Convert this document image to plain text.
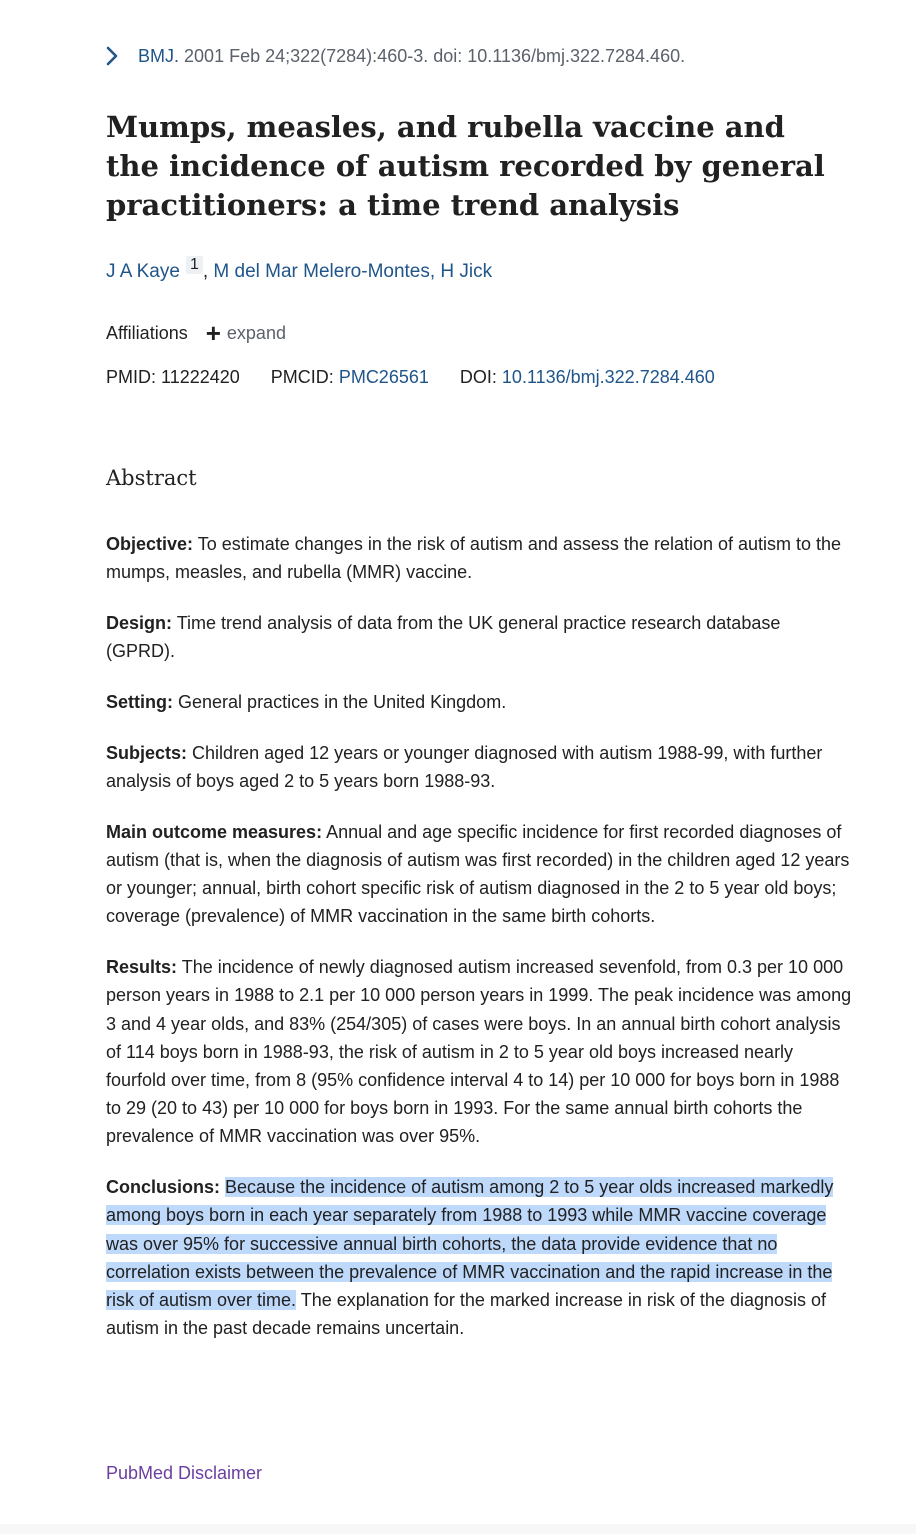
BMJ. 2001 Feb 24;322(7284):460-3. doi: 10.1136/bmj.322.7284.460.
Mumps, measles, and rubella vaccine and the incidence of autism recorded by general practitioners: a time trend analysis
J A Kaye 1 , M del Mar Melero-Montes, H Jick
Affiliations + expand
PMID: 11222420 PMCID: PMC26561 DOI: 10.1136/bmj.322.7284.460
Abstract

Objective: To estimate changes in the risk of autism and assess the relation of autism to the mumps, measles, and rubella (MMR) vaccine.

Design: Time trend analysis of data from the UK general practice research database (GPRD).

Setting: General practices in the United Kingdom.

Subjects: Children aged 12 years or younger diagnosed with autism 1988-99, with further analysis of boys aged 2 to 5 years born 1988-93.

Main outcome measures: Annual and age specific incidence for first recorded diagnoses of autism (that is, when the diagnosis of autism was first recorded) in the children aged 12 years or younger; annual, birth cohort specific risk of autism diagnosed in the 2 to 5 year old boys; coverage (prevalence) of MMR vaccination in the same birth cohorts.

Results: The incidence of newly diagnosed autism increased sevenfold, from 0.3 per 10 000 person years in 1988 to 2.1 per 10 000 person years in 1999. The peak incidence was among 3 and 4 year olds, and 83% (254/305) of cases were boys. In an annual birth cohort analysis of 114 boys born in 1988-93, the risk of autism in 2 to 5 year old boys increased nearly fourfold over time, from 8 (95% confidence interval 4 to 14) per 10 000 for boys born in 1988 to 29 (20 to 43) per 10 000 for boys born in 1993. For the same annual birth cohorts the prevalence of MMR vaccination was over 95%.

Conclusions: Because the incidence of autism among 2 to 5 year olds increased markedly among boys born in each year separately from 1988 to 1993 while MMR vaccine coverage was over 95% for successive annual birth cohorts, the data provide evidence that no correlation exists between the prevalence of MMR vaccination and the rapid increase in the risk of autism over time. The explanation for the marked increase in risk of the diagnosis of autism in the past decade remains uncertain.

PubMed Disclaimer
